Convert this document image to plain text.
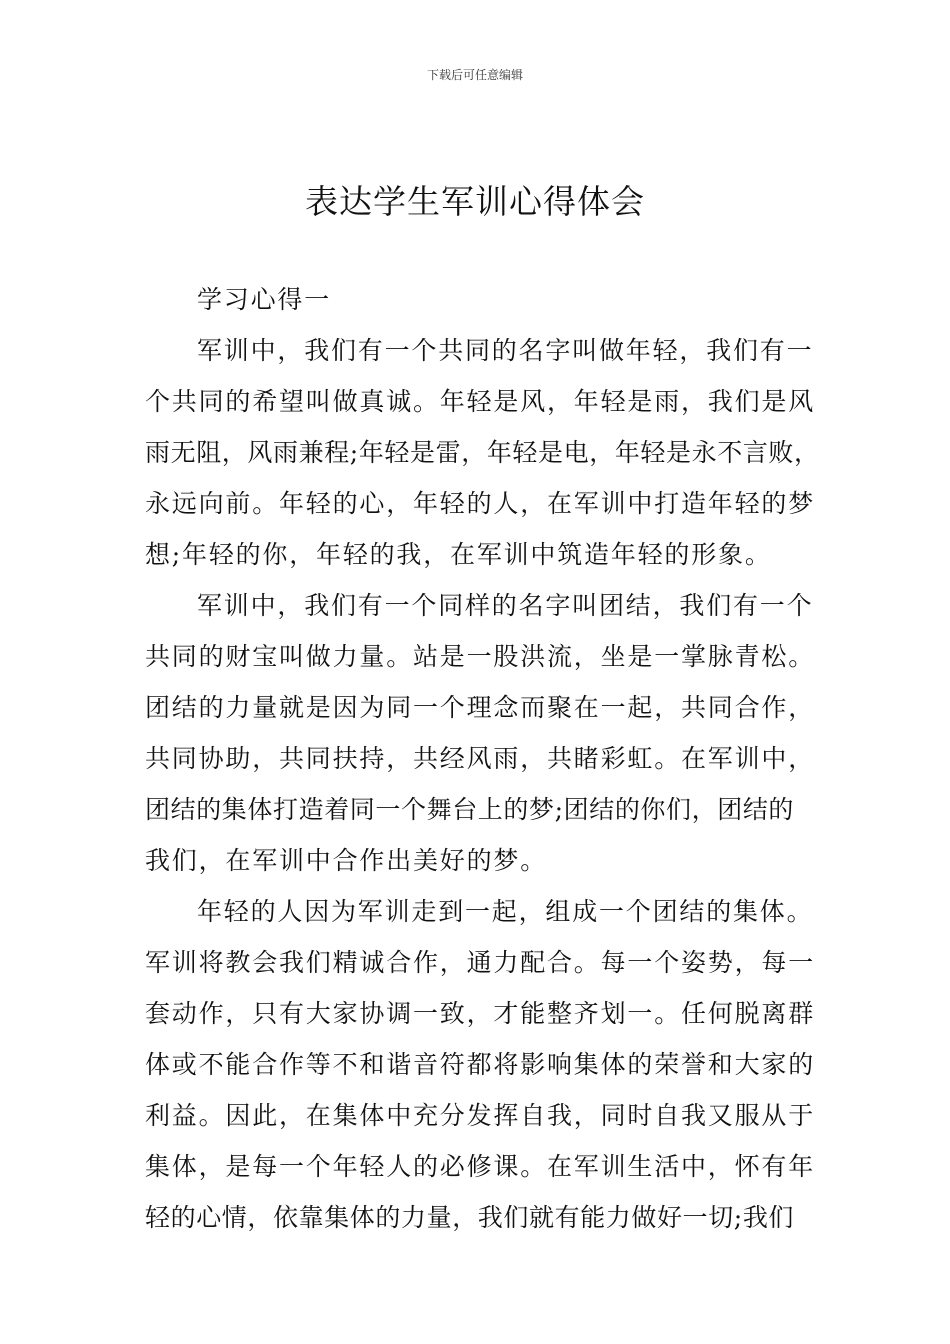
下载后可任意编辑
表达学生军训心得体会
学习心得一
军训中，我们有一个共同的名字叫做年轻，我们有一
个共同的希望叫做真诚。年轻是风，年轻是雨，我们是风
雨无阻，风雨兼程;年轻是雷，年轻是电，年轻是永不言败，
永远向前。年轻的心，年轻的人，在军训中打造年轻的梦
想;年轻的你，年轻的我，在军训中筑造年轻的形象。
军训中，我们有一个同样的名字叫团结，我们有一个
共同的财宝叫做力量。站是一股洪流，坐是一掌脉青松。
团结的力量就是因为同一个理念而聚在一起，共同合作，
共同协助，共同扶持，共经风雨，共睹彩虹。在军训中，
团结的集体打造着同一个舞台上的梦;团结的你们，团结的
我们，在军训中合作出美好的梦。
年轻的人因为军训走到一起，组成一个团结的集体。
军训将教会我们精诚合作，通力配合。每一个姿势，每一
套动作，只有大家协调一致，才能整齐划一。任何脱离群
体或不能合作等不和谐音符都将影响集体的荣誉和大家的
利益。因此，在集体中充分发挥自我，同时自我又服从于
集体，是每一个年轻人的必修课。在军训生活中，怀有年
轻的心情，依靠集体的力量，我们就有能力做好一切;我们
